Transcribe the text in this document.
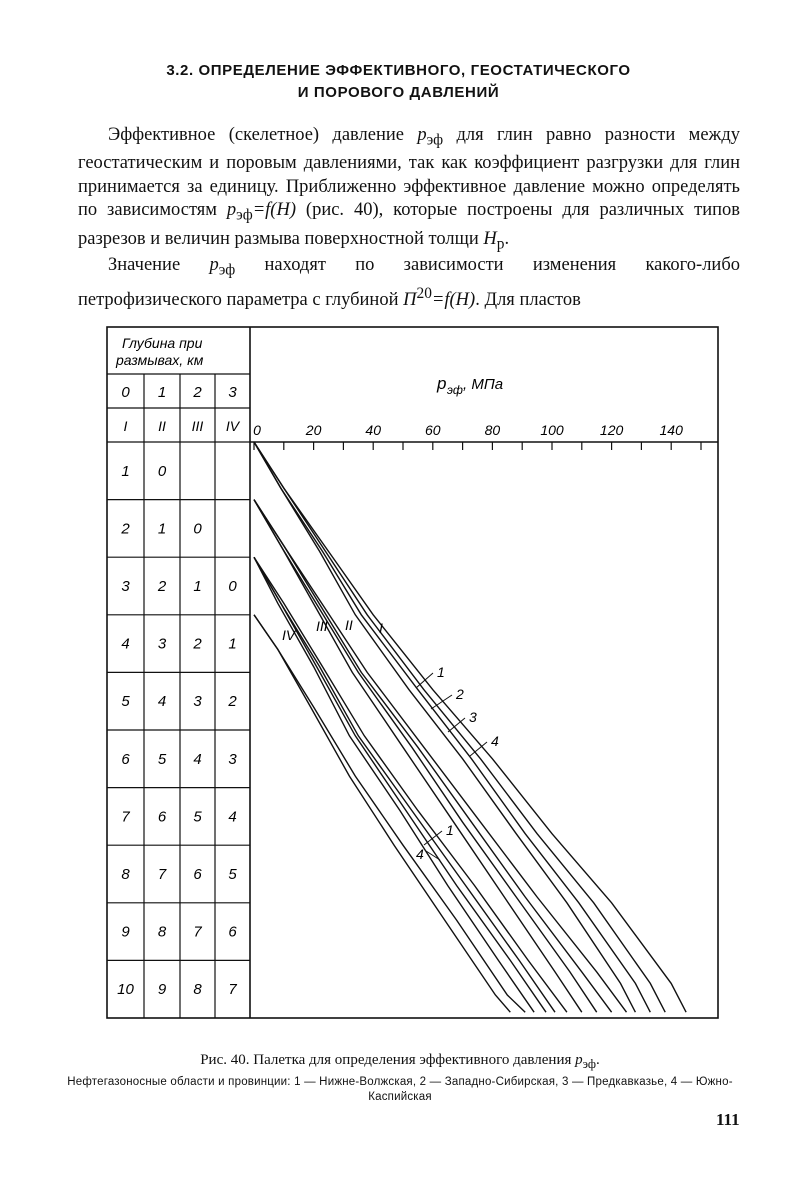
3.2. ОПРЕДЕЛЕНИЕ ЭФФЕКТИВНОГО, ГЕОСТАТИЧЕСКОГО
И ПОРОВОГО ДАВЛЕНИЙ

Эффективное (скелетное) давление $p_{эф}$ для глин равно разности между геостатическим и поровым давлениями, так как коэффициент разгрузки для глин принимается за единицу. Приближенно эффективное давление можно определять по зависимостям $p_{эф}=f(H)$ (рис. 40), которые построены для различных типов разрезов и величин размыва поверхностной толщи $H_р$.

Значение $p_{эф}$ находят по зависимости изменения какого-либо петрофизического параметра с глубиной $П^{20}=f(H)$. Для пластов

Глубина при
размывах, км
0 1 2 3
I II III IV
1 0
2 1 0
3 2 1 0
4 3 2 1
5 4 3 2
6 5 4 3
7 6 5 4
8 7 6 5
9 8 7 6
10 9 8 7
p эф , МПа
0	20	40	60	80	100	120	140
I
II
III
IV
1
2
3
4
1
4
Рис. 40. Палетка для определения эффективного давления $p_{эф}$.
Нефтегазоносные области и провинции: 1 — Нижне-Волжская, 2 — Западно-Сибирская, 3 — Предкавказье, 4 — Южно-Каспийская
111
